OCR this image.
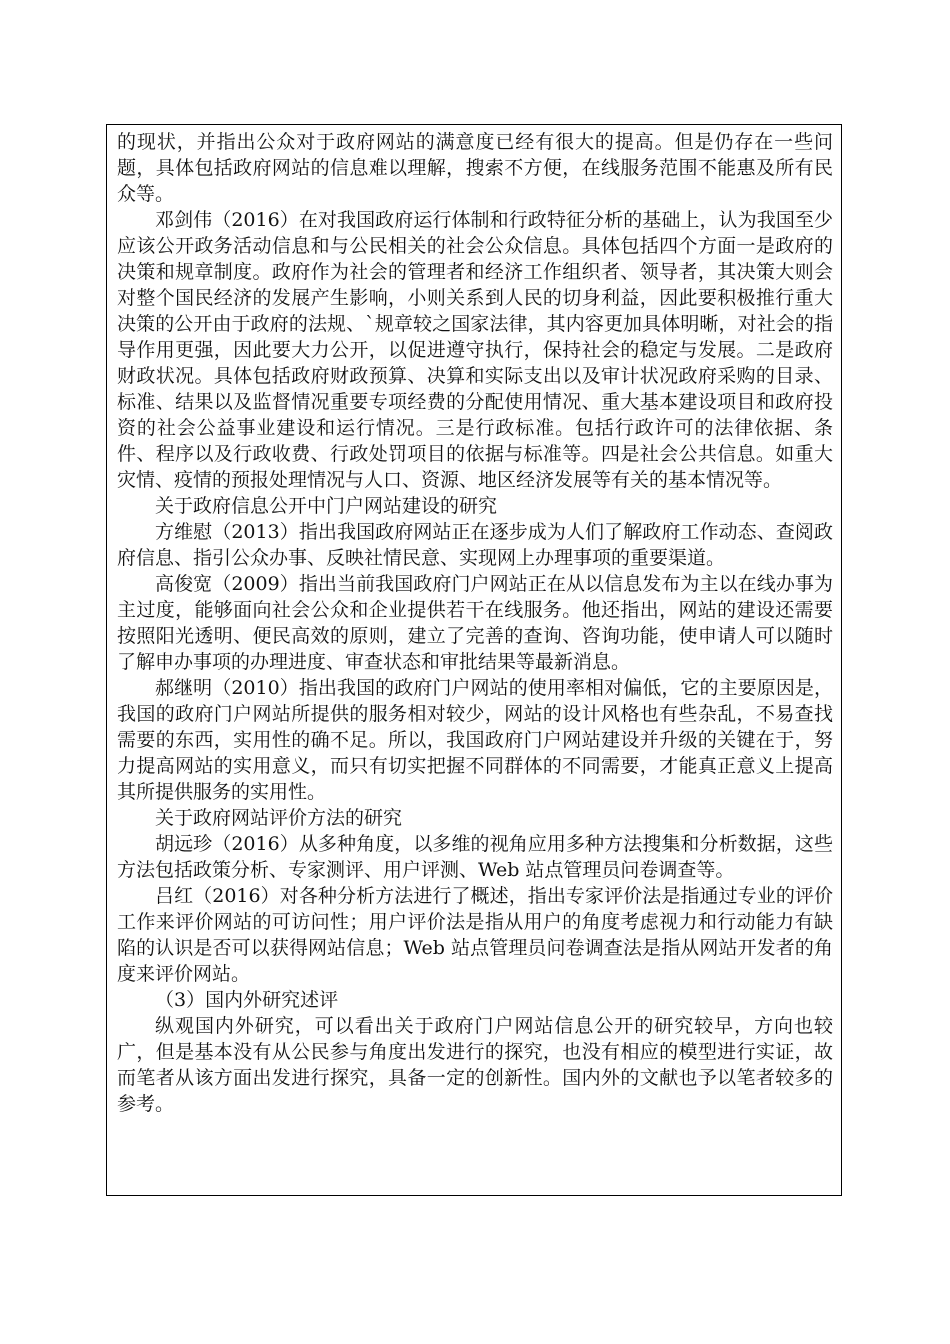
的现状，并指出公众对于政府网站的满意度已经有很大的提高。但是仍存在一些问题，具体包括政府网站的信息难以理解，搜索不方便，在线服务范围不能惠及所有民众等。

邓剑伟（2016）在对我国政府运行体制和行政特征分析的基础上，认为我国至少应该公开政务活动信息和与公民相关的社会公众信息。具体包括四个方面一是政府的决策和规章制度。政府作为社会的管理者和经济工作组织者、领导者，其决策大则会对整个国民经济的发展产生影响，小则关系到人民的切身利益，因此要积极推行重大决策的公开由于政府的法规、`规章较之国家法律，其内容更加具体明晰，对社会的指导作用更强，因此要大力公开，以促进遵守执行，保持社会的稳定与发展。二是政府财政状况。具体包括政府财政预算、决算和实际支出以及审计状况政府采购的目录、标准、结果以及监督情况重要专项经费的分配使用情况、重大基本建设项目和政府投资的社会公益事业建设和运行情况。三是行政标准。包括行政许可的法律依据、条件、程序以及行政收费、行政处罚项目的依据与标准等。四是社会公共信息。如重大灾情、疫情的预报处理情况与人口、资源、地区经济发展等有关的基本情况等。

关于政府信息公开中门户网站建设的研究

方维慰（2013）指出我国政府网站正在逐步成为人们了解政府工作动态、查阅政府信息、指引公众办事、反映社情民意、实现网上办理事项的重要渠道。

高俊宽（2009）指出当前我国政府门户网站正在从以信息发布为主以在线办事为主过度，能够面向社会公众和企业提供若干在线服务。他还指出，网站的建设还需要按照阳光透明、便民高效的原则，建立了完善的查询、咨询功能，使申请人可以随时了解申办事项的办理进度、审查状态和审批结果等最新消息。

郝继明（2010）指出我国的政府门户网站的使用率相对偏低，它的主要原因是，我国的政府门户网站所提供的服务相对较少，网站的设计风格也有些杂乱，不易查找需要的东西，实用性的确不足。所以，我国政府门户网站建设并升级的关键在于，努力提高网站的实用意义，而只有切实把握不同群体的不同需要，才能真正意义上提高其所提供服务的实用性。

关于政府网站评价方法的研究

胡远珍（2016）从多种角度，以多维的视角应用多种方法搜集和分析数据，这些方法包括政策分析、专家测评、用户评测、Web 站点管理员问卷调查等。

吕红（2016）对各种分析方法进行了概述，指出专家评价法是指通过专业的评价工作来评价网站的可访问性；用户评价法是指从用户的角度考虑视力和行动能力有缺陷的认识是否可以获得网站信息；Web 站点管理员问卷调查法是指从网站开发者的角度来评价网站。

（3）国内外研究述评

纵观国内外研究，可以看出关于政府门户网站信息公开的研究较早，方向也较广，但是基本没有从公民参与角度出发进行的探究，也没有相应的模型进行实证，故而笔者从该方面出发进行探究，具备一定的创新性。国内外的文献也予以笔者较多的参考。
